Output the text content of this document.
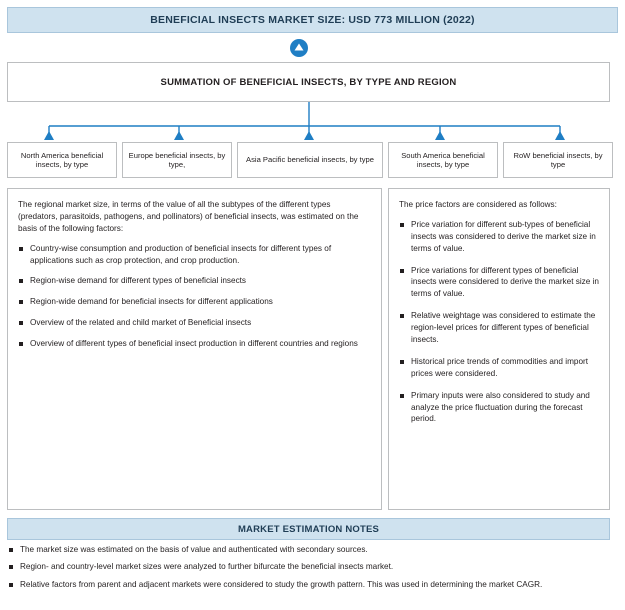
BENEFICIAL INSECTS MARKET SIZE: USD 773 MILLION (2022)
SUMMATION OF BENEFICIAL INSECTS, BY TYPE AND REGION
North America beneficial insects, by type
Europe beneficial insects, by type,
Asia Pacific beneficial insects, by type
South America beneficial insects, by type
RoW beneficial insects, by type

The regional market size, in terms of the value of all the subtypes of the different types (predators, parasitoids, pathogens, and pollinators) of beneficial insects, was estimated on the basis of the following factors:

Country-wise consumption and production of beneficial insects for different types of applications such as crop protection, and crop production.
Region-wise demand for different types of beneficial insects
Region-wide demand for beneficial insects for different applications
Overview of the related and child market of Beneficial insects
Overview of different types of beneficial insect production in different countries and regions

The price factors are considered as follows:

Price variation for different sub-types of beneficial insects was considered to derive the market size in terms of value.
Price variations for different types of beneficial insects were considered to derive the market size in terms of value.
Relative weightage was considered to estimate the region-level prices for different types of beneficial insects.
Historical price trends of commodities and import prices were considered.
Primary inputs were also considered to study and analyze the price fluctuation during the forecast period.
MARKET ESTIMATION NOTES
The market size was estimated on the basis of value and authenticated with secondary sources.
Region- and country-level market sizes were analyzed to further bifurcate the beneficial insects market.
Relative factors from parent and adjacent markets were considered to study the growth pattern. This was used in determining the market CAGR.
